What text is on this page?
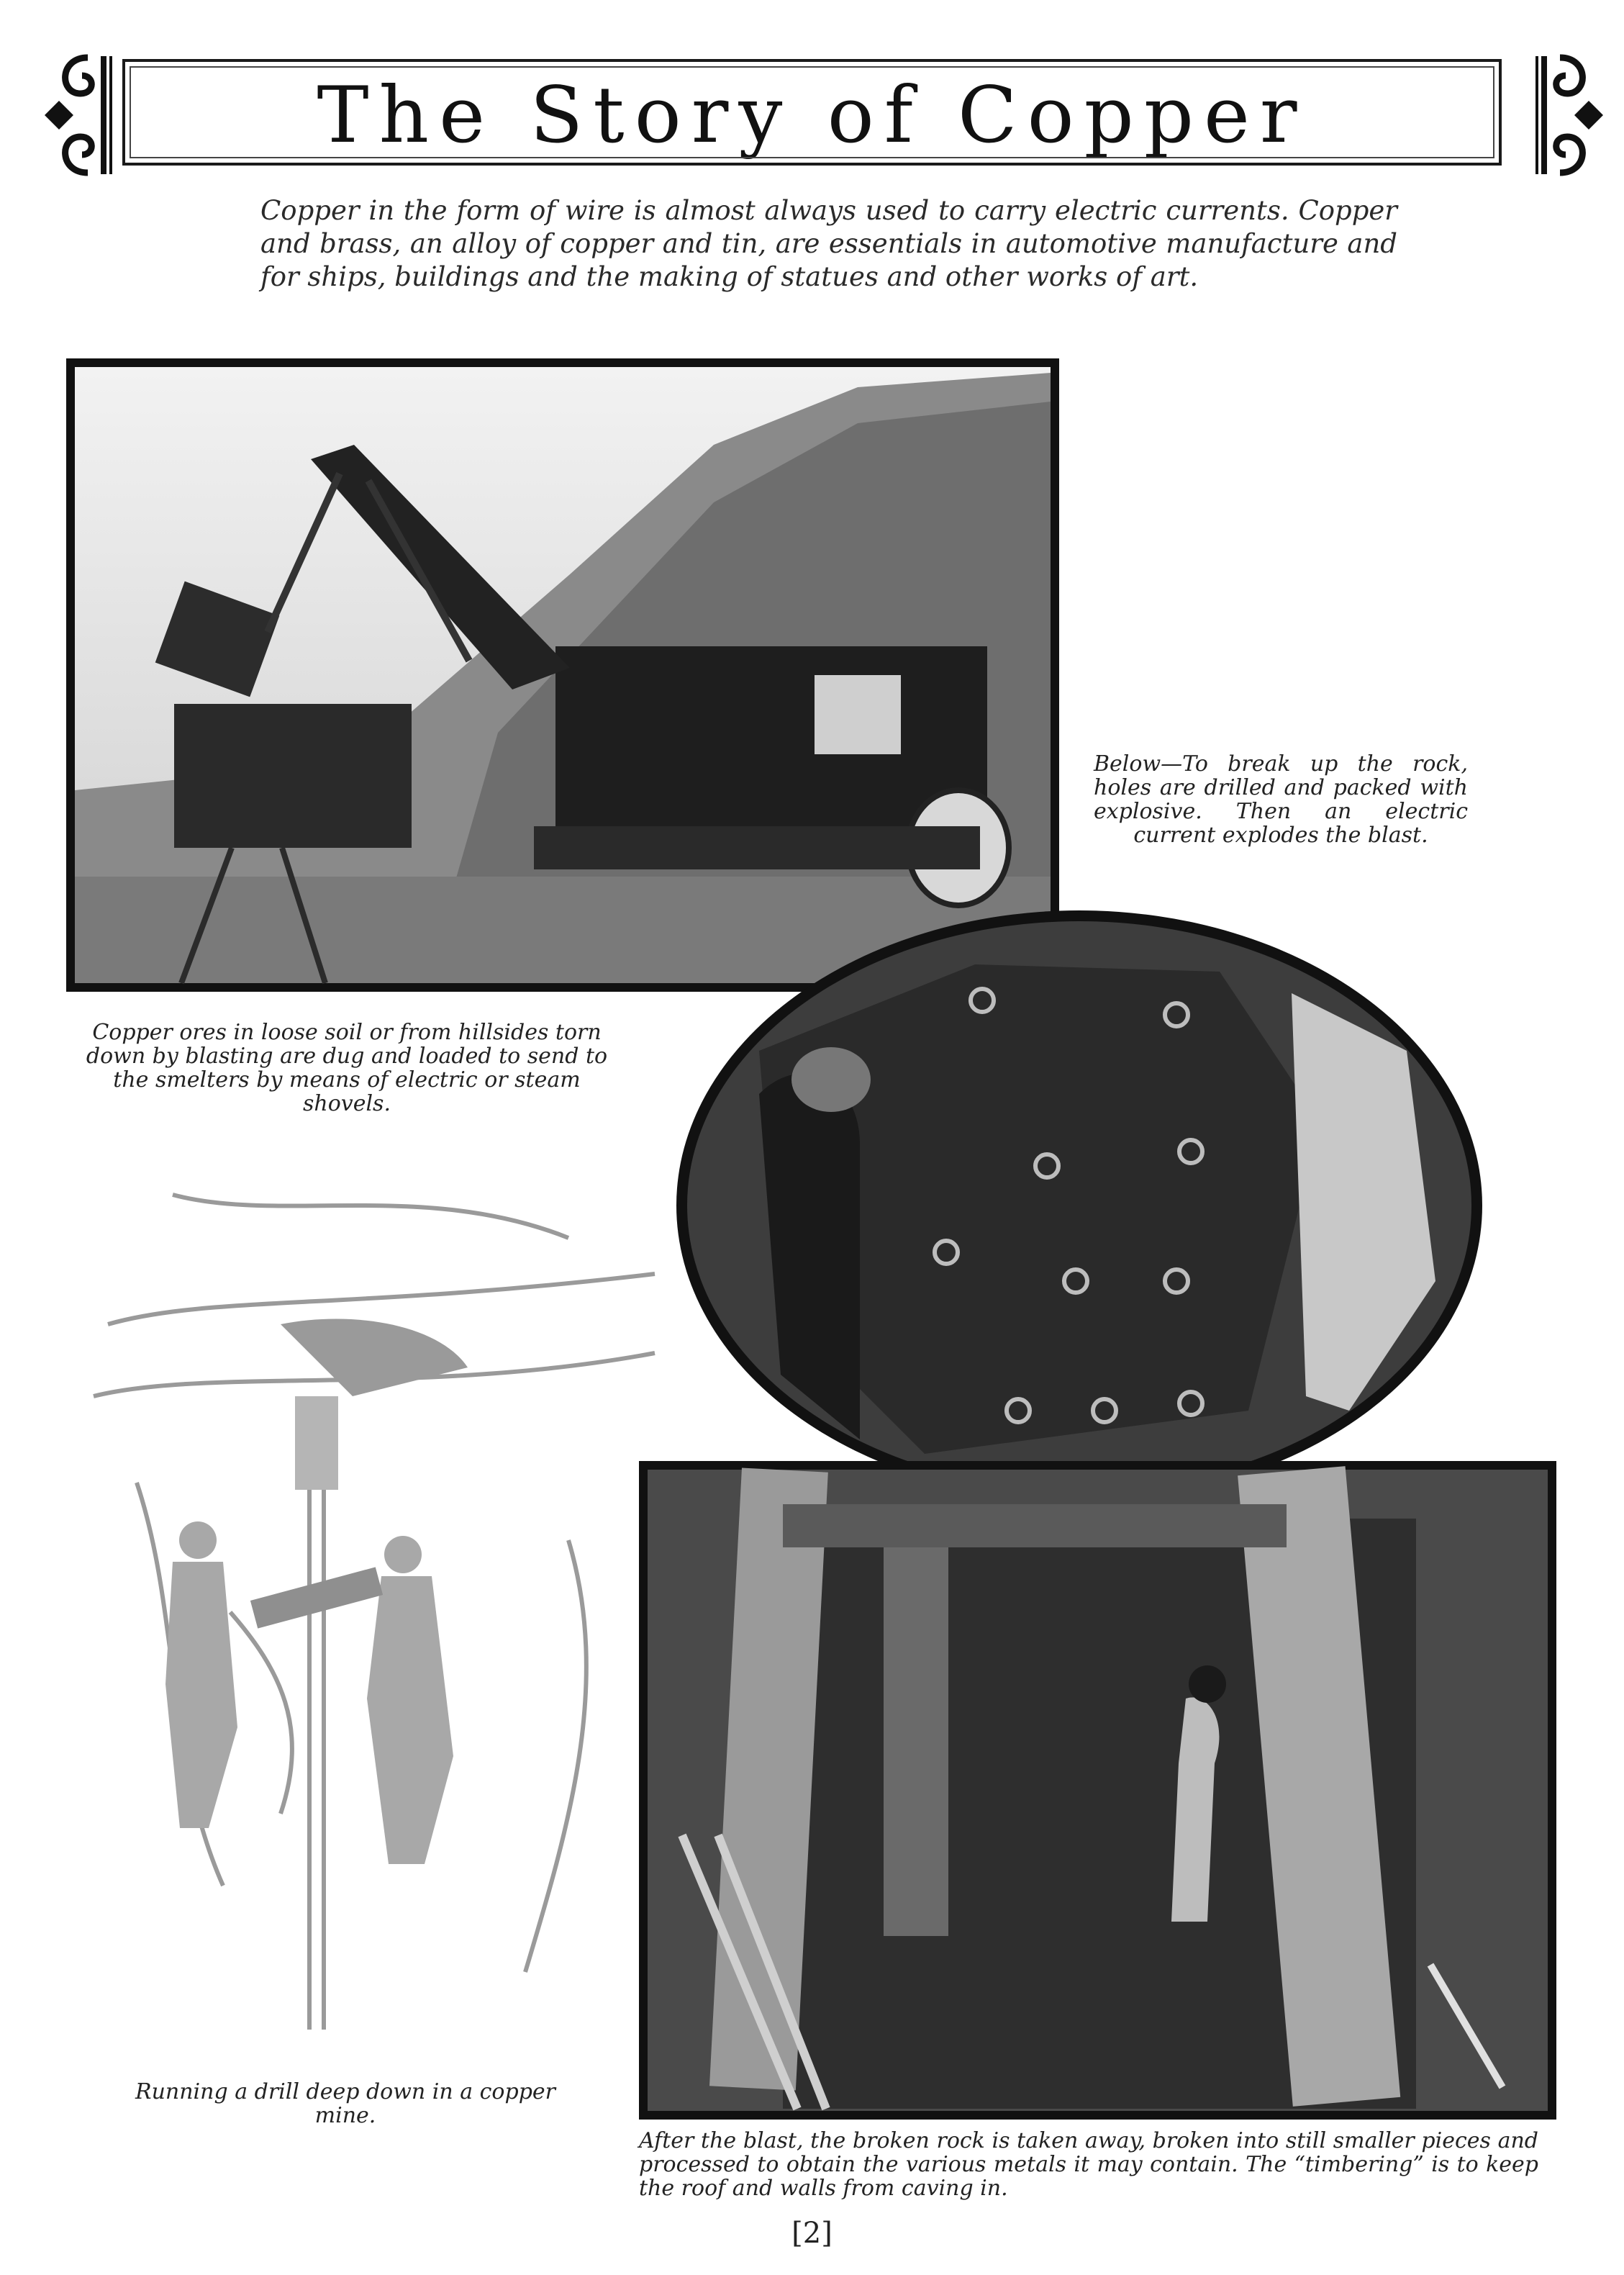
The Story of Copper

Copper in the form of wire is almost always used to carry electric currents. Copper and brass, an alloy of copper and tin, are essentials in automotive manufacture and for ships, buildings and the making of statues and other works of art.

Below—To break up the rock, holes are drilled and packed with explosive. Then an electric current explodes the blast.

Copper ores in loose soil or from hillsides torn down by blasting are dug and loaded to send to the smelters by means of electric or steam shovels.

Running a drill deep down in a copper mine.

After the blast, the broken rock is taken away, broken into still smaller pieces and processed to obtain the various metals it may contain. The “timbering” is to keep the roof and walls from caving in.

[2]
